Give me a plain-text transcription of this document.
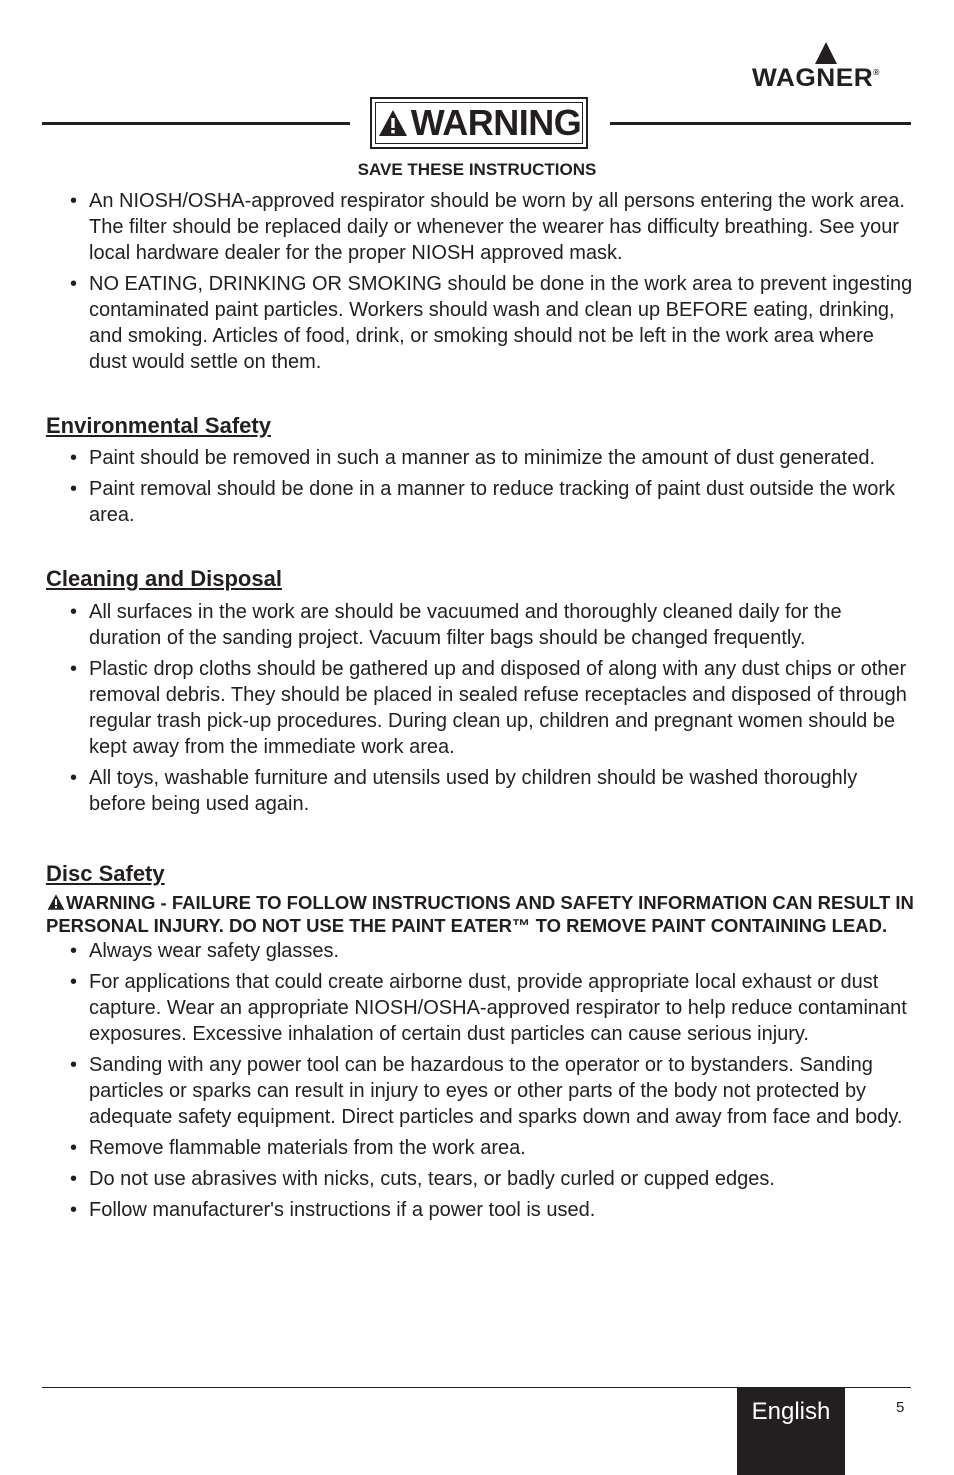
WAGNER®
WARNING
SAVE THESE INSTRUCTIONS
• An NIOSH/OSHA-approved respirator should be worn by all persons entering the work area. The filter should be replaced daily or whenever the wearer has difficulty breathing. See your local hardware dealer for the proper NIOSH approved mask.
• NO EATING, DRINKING OR SMOKING should be done in the work area to prevent ingesting contaminated paint particles. Workers should wash and clean up BEFORE eating, drinking, and smoking. Articles of food, drink, or smoking should not be left in the work area where dust would settle on them.
Environmental Safety
• Paint should be removed in such a manner as to minimize the amount of dust generated.
• Paint removal should be done in a manner to reduce tracking of paint dust outside the work area.
Cleaning and Disposal
• All surfaces in the work are should be vacuumed and thoroughly cleaned daily for the duration of the sanding project. Vacuum filter bags should be changed frequently.
• Plastic drop cloths should be gathered up and disposed of along with any dust chips or other removal debris. They should be placed in sealed refuse receptacles and disposed of through regular trash pick-up procedures. During clean up, children and pregnant women should be kept away from the immediate work area.
• All toys, washable furniture and utensils used by children should be washed thoroughly before being used again.
Disc Safety
WARNING - FAILURE TO FOLLOW INSTRUCTIONS AND SAFETY INFORMATION CAN RESULT IN PERSONAL INJURY. DO NOT USE THE PAINT EATER™ TO REMOVE PAINT CONTAINING LEAD.
• Always wear safety glasses.
• For applications that could create airborne dust, provide appropriate local exhaust or dust capture. Wear an appropriate NIOSH/OSHA-approved respirator to help reduce contaminant exposures. Excessive inhalation of certain dust particles can cause serious injury.
• Sanding with any power tool can be hazardous to the operator or to bystanders. Sanding particles or sparks can result in injury to eyes or other parts of the body not protected by adequate safety equipment. Direct particles and sparks down and away from face and body.
• Remove flammable materials from the work area.
• Do not use abrasives with nicks, cuts, tears, or badly curled or cupped edges.
• Follow manufacturer's instructions if a power tool is used.
English	5
